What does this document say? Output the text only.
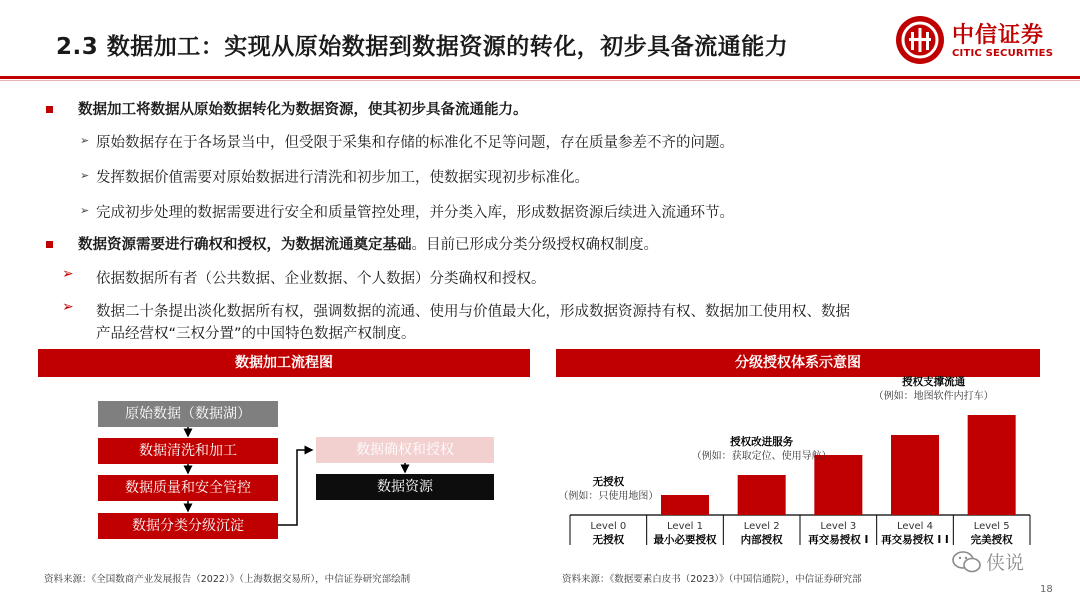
2.3 数据加工：实现从原始数据到数据资源的转化，初步具备流通能力	中信证券
CITIC SECURITIES
数据加工将数据从原始数据转化为数据资源，使其初步具备流通能力。
➢ 原始数据存在于各场景当中，但受限于采集和存储的标准化不足等问题，存在质量参差不齐的问题。
➢ 发挥数据价值需要对原始数据进行清洗和初步加工，使数据实现初步标准化。
➢ 完成初步处理的数据需要进行安全和质量管控处理，并分类入库，形成数据资源后续进入流通环节。
数据资源需要进行确权和授权，为数据流通奠定基础。目前已形成分类分级授权确权制度。
➢ 依据数据所有者（公共数据、企业数据、个人数据）分类确权和授权。
➢ 数据二十条提出淡化数据所有权，强调数据的流通、使用与价值最大化，形成数据资源持有权、数据加工使用权、数据
产品经营权“三权分置”的中国特色数据产权制度。
数据加工流程图
原始数据（数据湖）
数据清洗和加工
数据质量和安全管控
数据分类分级沉淀
数据确权和授权
数据资源
资料来源：《全国数商产业发展报告（2022）》（上海数据交易所），中信证券研究部绘制
分级授权体系示意图
Level 0
无授权
Level 1
最小必要授权
Level 2
内部授权
Level 3
再交易授权 I
Level 4
再交易授权 I I
Level 5
完美授权
无授权
（例如：只使用地图）
授权改进服务
（例如：获取定位、使用导航）
授权支撑流通
（例如：地图软件内打车）
资料来源：《数据要素白皮书（2023）》（中国信通院），中信证券研究部
18
侠说
